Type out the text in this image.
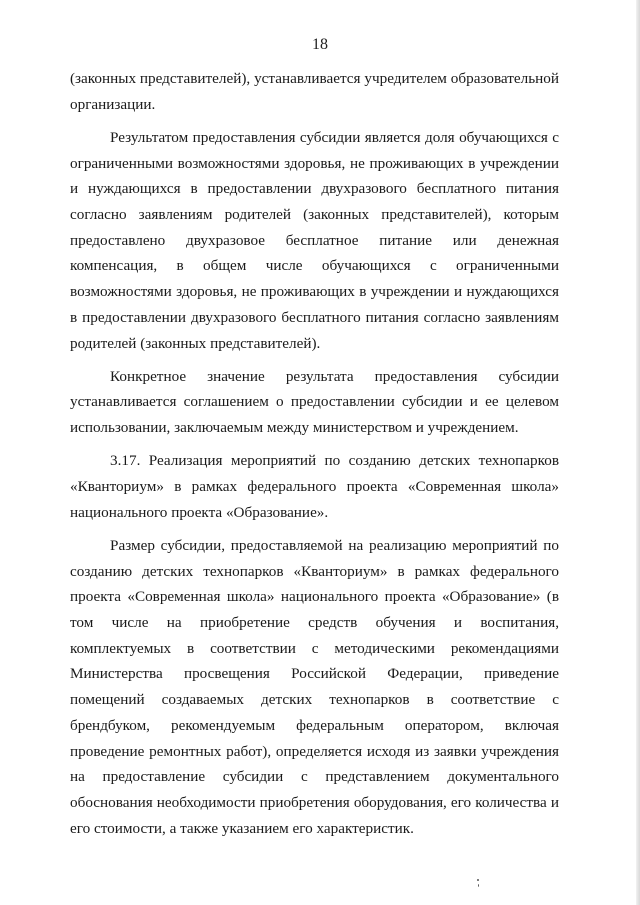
18

(законных представителей), устанавливается учредителем образовательной организации.

Результатом предоставления субсидии является доля обучающихся с ограниченными возможностями здоровья, не проживающих в учреждении и нуждающихся в предоставлении двухразового бесплатного питания согласно заявлениям родителей (законных представителей), которым предоставлено двухразовое бесплатное питание или денежная компенсация, в общем числе обучающихся с ограниченными возможностями здоровья, не проживающих в учреждении и нуждающихся в предоставлении двухразового бесплатного питания согласно заявлениям родителей (законных представителей).

Конкретное значение результата предоставления субсидии устанавливается соглашением о предоставлении субсидии и ее целевом использовании, заключаемым между министерством и учреждением.

3.17. Реализация мероприятий по созданию детских технопарков «Кванториум» в рамках федерального проекта «Современная школа» национального проекта «Образование».

Размер субсидии, предоставляемой на реализацию мероприятий по созданию детских технопарков «Кванториум» в рамках федерального проекта «Современная школа» национального проекта «Образование» (в том числе на приобретение средств обучения и воспитания, комплектуемых в соответствии с методическими рекомендациями Министерства просвещения Российской Федерации, приведение помещений создаваемых детских технопарков в соответствие с брендбуком, рекомендуемым федеральным оператором, включая проведение ремонтных работ), определяется исходя из заявки учреждения на предоставление субсидии с представлением документального обоснования необходимости приобретения оборудования, его количества и его стоимости, а также указанием его характеристик.
